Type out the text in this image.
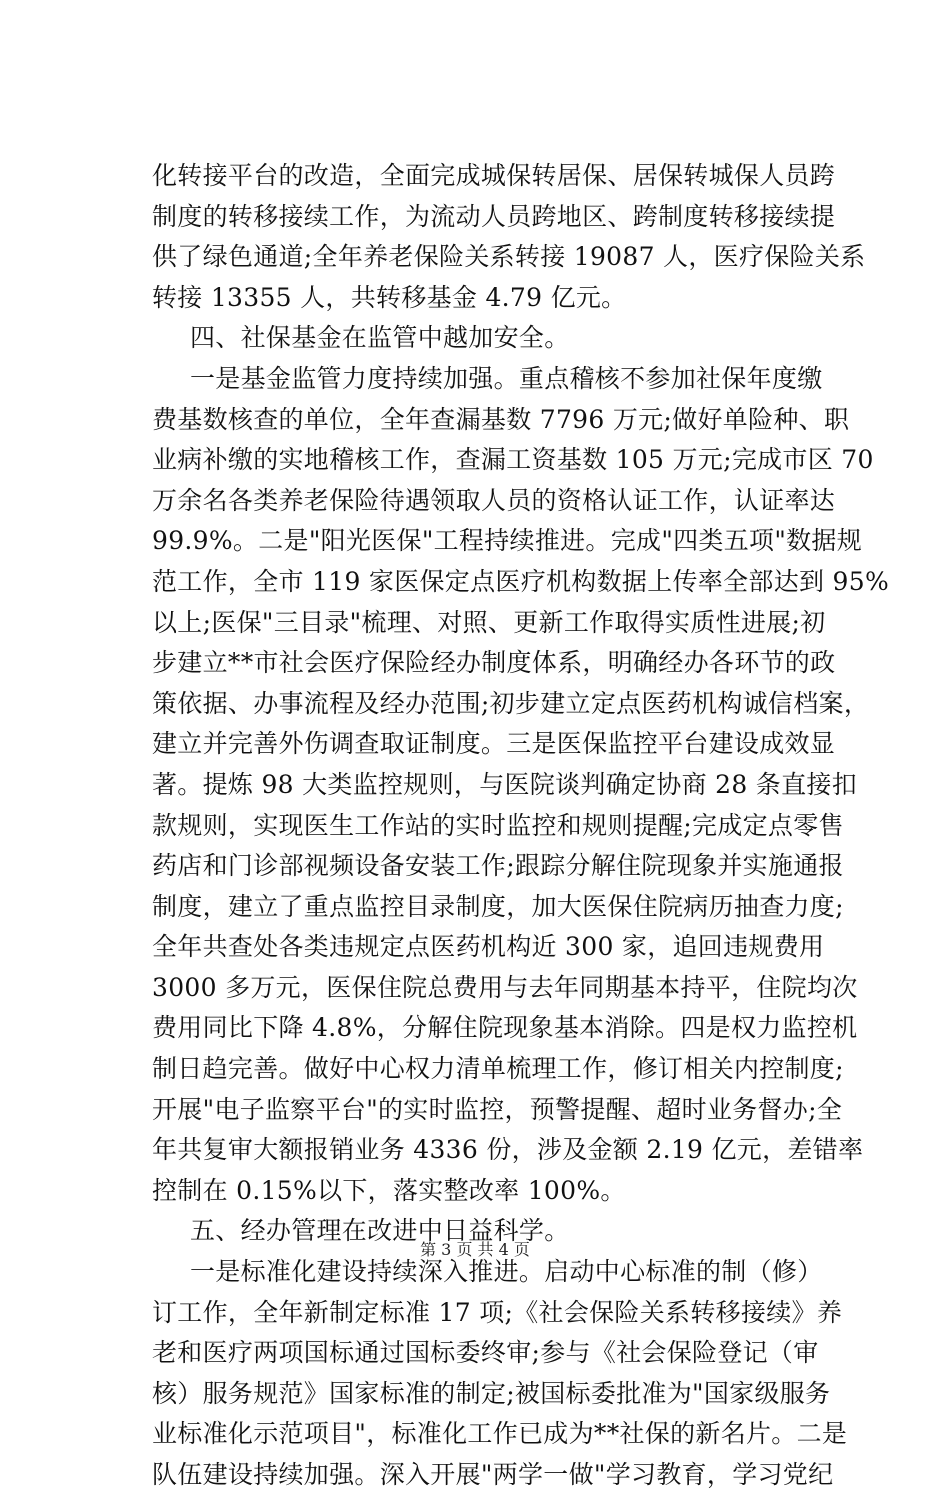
化转接平台的改造，全面完成城保转居保、居保转城保人员跨
制度的转移接续工作，为流动人员跨地区、跨制度转移接续提
供了绿色通道;全年养老保险关系转接 19087 人，医疗保险关系
转接 13355 人，共转移基金 4.79 亿元。
四、社保基金在监管中越加安全。
一是基金监管力度持续加强。重点稽核不参加社保年度缴
费基数核查的单位，全年查漏基数 7796 万元;做好单险种、职
业病补缴的实地稽核工作，查漏工资基数 105 万元;完成市区 70
万余名各类养老保险待遇领取人员的资格认证工作，认证率达
99.9%。二是"阳光医保"工程持续推进。完成"四类五项"数据规
范工作，全市 119 家医保定点医疗机构数据上传率全部达到 95%
以上;医保"三目录"梳理、对照、更新工作取得实质性进展;初
步建立**市社会医疗保险经办制度体系，明确经办各环节的政
策依据、办事流程及经办范围;初步建立定点医药机构诚信档案，
建立并完善外伤调查取证制度。三是医保监控平台建设成效显
著。提炼 98 大类监控规则，与医院谈判确定协商 28 条直接扣
款规则，实现医生工作站的实时监控和规则提醒;完成定点零售
药店和门诊部视频设备安装工作;跟踪分解住院现象并实施通报
制度，建立了重点监控目录制度，加大医保住院病历抽查力度;
全年共查处各类违规定点医药机构近 300 家，追回违规费用
3000 多万元，医保住院总费用与去年同期基本持平，住院均次
费用同比下降 4.8%，分解住院现象基本消除。四是权力监控机
制日趋完善。做好中心权力清单梳理工作，修订相关内控制度;
开展"电子监察平台"的实时监控，预警提醒、超时业务督办;全
年共复审大额报销业务 4336 份，涉及金额 2.19 亿元，差错率
控制在 0.15%以下，落实整改率 100%。
五、经办管理在改进中日益科学。
一是标准化建设持续深入推进。启动中心标准的制（修）
订工作，全年新制定标准 17 项;《社会保险关系转移接续》养
老和医疗两项国标通过国标委终审;参与《社会保险登记（审
核）服务规范》国家标准的制定;被国标委批准为"国家级服务
业标准化示范项目"，标准化工作已成为**社保的新名片。二是
队伍建设持续加强。深入开展"两学一做"学习教育，学习党纪
第 3 页 共 4 页
